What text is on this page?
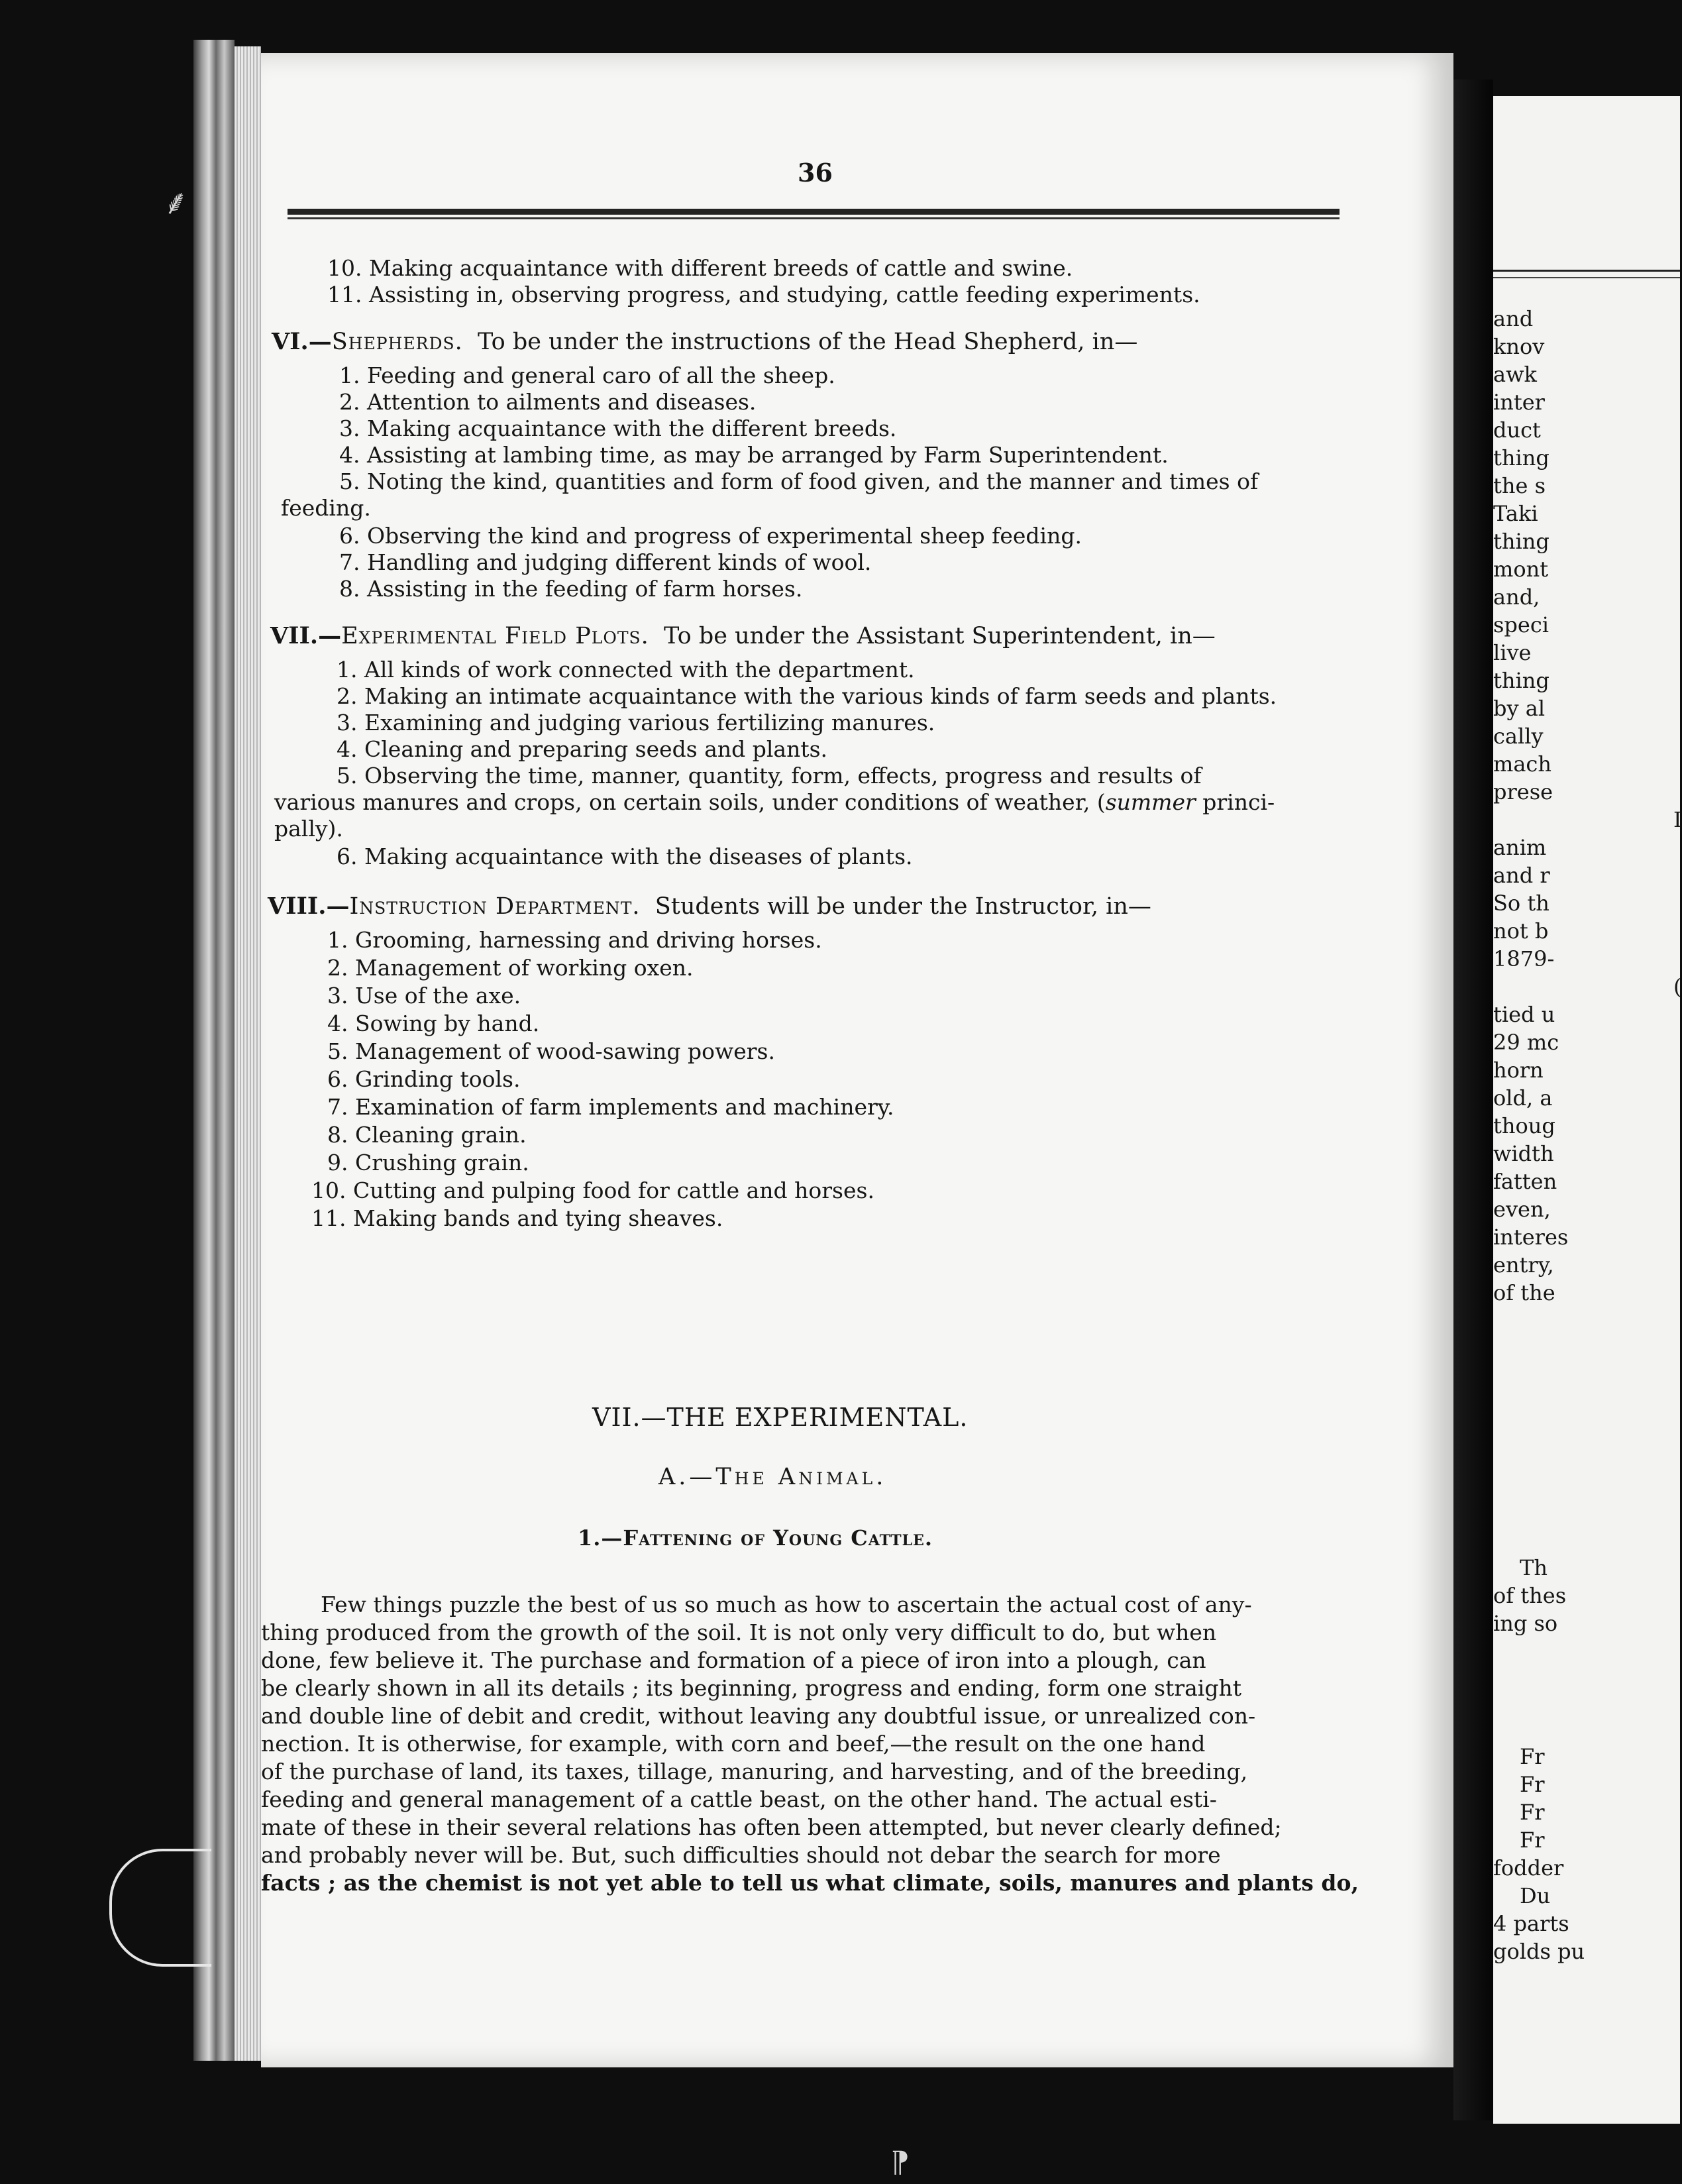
⸙
36
10. Making acquaintance with different breeds of cattle and swine.
11. Assisting in, observing progress, and studying, cattle feeding experiments.
VI.—Shepherds. To be under the instructions of the Head Shepherd, in—
1. Feeding and general caro of all the sheep.
2. Attention to ailments and diseases.
3. Making acquaintance with the different breeds.
4. Assisting at lambing time, as may be arranged by Farm Superintendent.
5. Noting the kind, quantities and form of food given, and the manner and times of
feeding.
6. Observing the kind and progress of experimental sheep feeding.
7. Handling and judging different kinds of wool.
8. Assisting in the feeding of farm horses.
VII.—Experimental Field Plots. To be under the Assistant Superintendent, in—
1. All kinds of work connected with the department.
2. Making an intimate acquaintance with the various kinds of farm seeds and plants.
3. Examining and judging various fertilizing manures.
4. Cleaning and preparing seeds and plants.
5. Observing the time, manner, quantity, form, effects, progress and results of
various manures and crops, on certain soils, under conditions of weather, (summer princi-
pally).
6. Making acquaintance with the diseases of plants.
VIII.—Instruction Department. Students will be under the Instructor, in—
1. Grooming, harnessing and driving horses.
2. Management of working oxen.
3. Use of the axe.
4. Sowing by hand.
5. Management of wood-sawing powers.
6. Grinding tools.
7. Examination of farm implements and machinery.
8. Cleaning grain.
9. Crushing grain.
10. Cutting and pulping food for cattle and horses.
11. Making bands and tying sheaves.
VII.—THE EXPERIMENTAL.
A.—The Animal.
1.—Fattening of Young Cattle.
Few things puzzle the best of us so much as how to ascertain the actual cost of any-
thing produced from the growth of the soil. It is not only very difficult to do, but when
done, few believe it. The purchase and formation of a piece of iron into a plough, can
be clearly shown in all its details ; its beginning, progress and ending, form one straight
and double line of debit and credit, without leaving any doubtful issue, or unrealized con-
nection. It is otherwise, for example, with corn and beef,—the result on the one hand
of the purchase of land, its taxes, tillage, manuring, and harvesting, and of the breeding,
feeding and general management of a cattle beast, on the other hand. The actual esti-
mate of these in their several relations has often been attempted, but never clearly defined;
and probably never will be. But, such difficulties should not debar the search for more
facts ; as the chemist is not yet able to tell us what climate, soils, manures and plants do,
and
knov
awk
inter
duct
thing
the s
Taki
thing
mont
and,
speci
live
thing
by al
cally
mach
prese
I
anim
and r
So th
not b
1879-
(
tied u
29 mc
horn
old, a
thoug
width
fatten
even,
interes
entry,
of the
Th
of thes
ing so
Fr
Fr
Fr
Fr
fodder
Du
4 parts
golds pu
⁋
